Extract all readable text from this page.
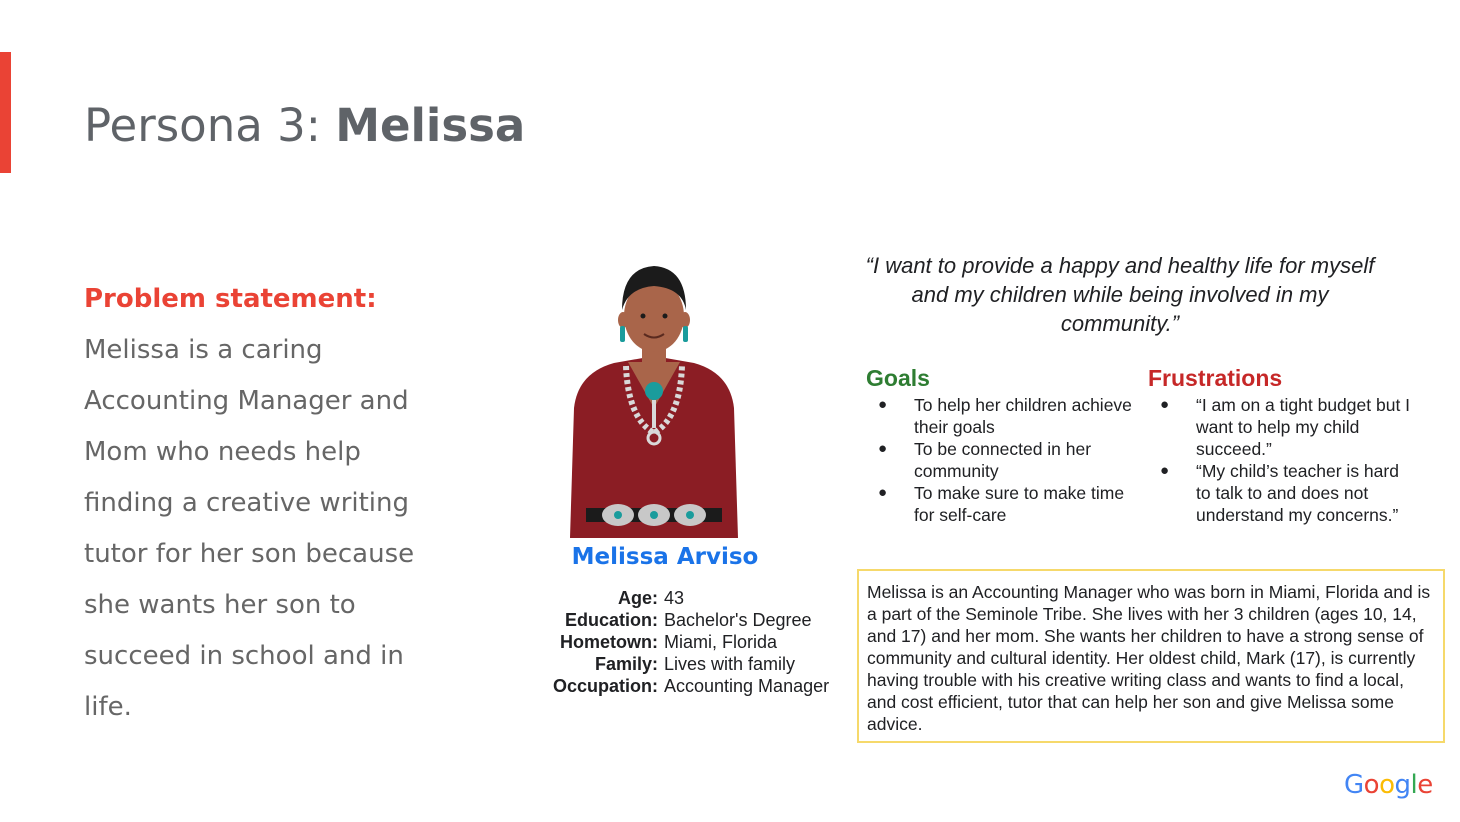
Persona 3: Melissa
Problem statement:
Melissa is a caring Accounting Manager and Mom who needs help finding a creative writing tutor for her son because she wants her son to succeed in school and in life.
Melissa Arviso
Age: 43
Education: Bachelor's Degree
Hometown: Miami, Florida
Family: Lives with family
Occupation: Accounting Manager
“I want to provide a happy and healthy life for myself and my children while being involved in my community.”
Goals
● To help her children achieve their goals
● To be connected in her community
● To make sure to make time for self-care
Frustrations
● “I am on a tight budget but I want to help my child succeed.”
● “My child’s teacher is hard to talk to and does not understand my concerns.”
Melissa is an Accounting Manager who was born in Miami, Florida and is a part of the Seminole Tribe. She lives with her 3 children (ages 10, 14, and 17) and her mom. She wants her children to have a strong sense of community and cultural identity. Her oldest child, Mark (17), is currently having trouble with his creative writing class and wants to find a local, and cost efficient, tutor that can help her son and give Melissa some advice.
Google
